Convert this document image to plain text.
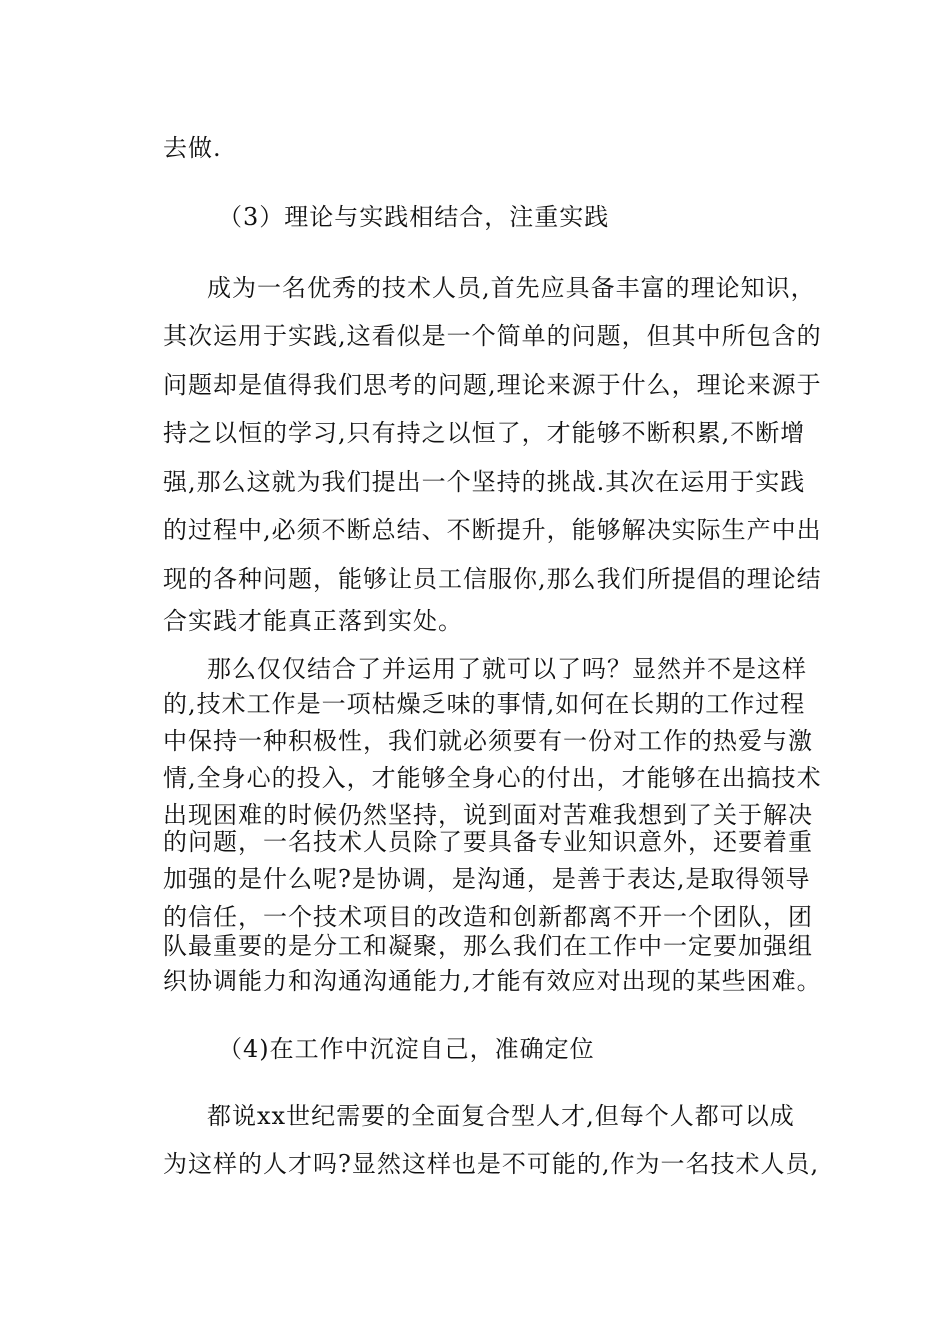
去做.
（3）理论与实践相结合，注重实践
成为一名优秀的技术人员,首先应具备丰富的理论知识，
其次运用于实践,这看似是一个简单的问题，但其中所包含的
问题却是值得我们思考的问题,理论来源于什么，理论来源于
持之以恒的学习,只有持之以恒了，才能够不断积累,不断增
强,那么这就为我们提出一个坚持的挑战.其次在运用于实践
的过程中,必须不断总结、不断提升，能够解决实际生产中出
现的各种问题，能够让员工信服你,那么我们所提倡的理论结
合实践才能真正落到实处。
那么仅仅结合了并运用了就可以了吗？显然并不是这样
的,技术工作是一项枯燥乏味的事情,如何在长期的工作过程
中保持一种积极性，我们就必须要有一份对工作的热爱与激
情,全身心的投入，才能够全身心的付出，才能够在出搞技术
出现困难的时候仍然坚持，说到面对苦难我想到了关于解决
的问题，一名技术人员除了要具备专业知识意外，还要着重
加强的是什么呢?是协调，是沟通，是善于表达,是取得领导
的信任，一个技术项目的改造和创新都离不开一个团队，团
队最重要的是分工和凝聚，那么我们在工作中一定要加强组
织协调能力和沟通沟通能力,才能有效应对出现的某些困难。
（4)在工作中沉淀自己，准确定位
都说xx世纪需要的全面复合型人才,但每个人都可以成
为这样的人才吗?显然这样也是不可能的,作为一名技术人员,
